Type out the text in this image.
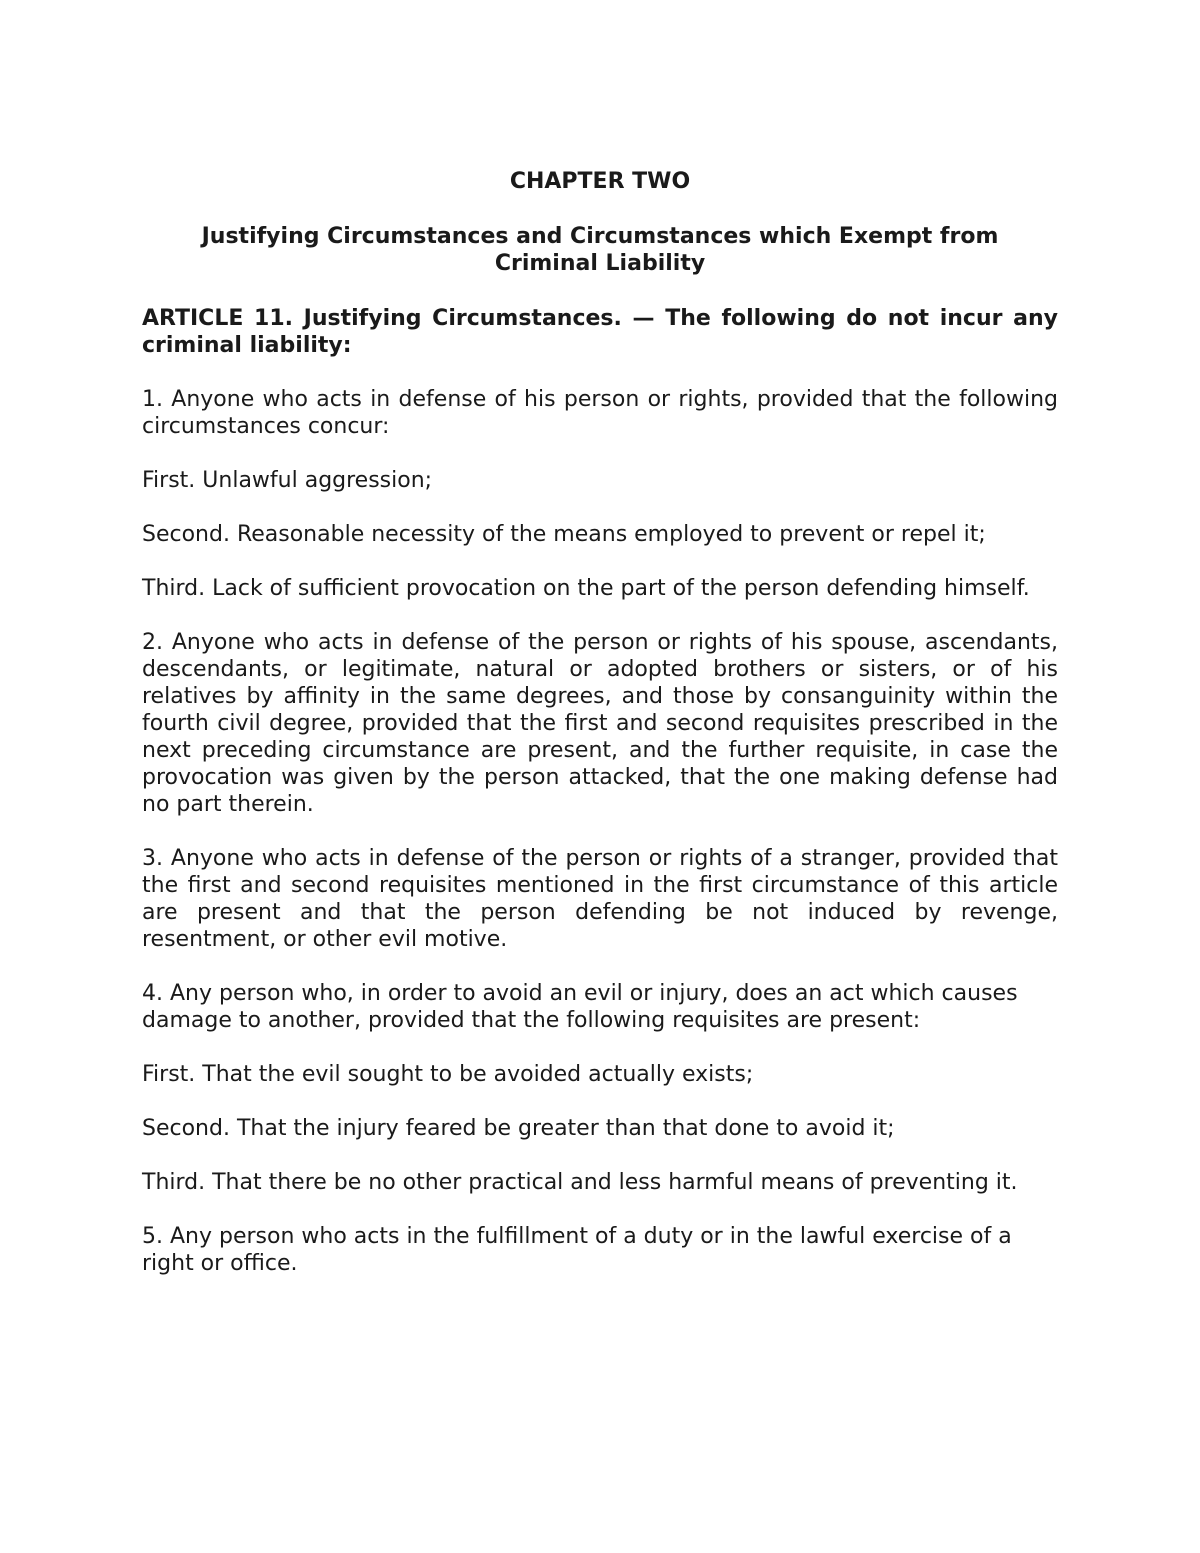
CHAPTER TWO

Justifying Circumstances and Circumstances which Exempt from Criminal Liability

ARTICLE 11. Justifying Circumstances. — The following do not incur any criminal liability:

1. Anyone who acts in defense of his person or rights, provided that the following circumstances concur:

First. Unlawful aggression;

Second. Reasonable necessity of the means employed to prevent or repel it;

Third. Lack of sufficient provocation on the part of the person defending himself.

2. Anyone who acts in defense of the person or rights of his spouse, ascendants, descendants, or legitimate, natural or adopted brothers or sisters, or of his relatives by affinity in the same degrees, and those by consanguinity within the fourth civil degree, provided that the first and second requisites prescribed in the next preceding circumstance are present, and the further requisite, in case the provocation was given by the person attacked, that the one making defense had no part therein.

3. Anyone who acts in defense of the person or rights of a stranger, provided that the first and second requisites mentioned in the first circumstance of this article are present and that the person defending be not induced by revenge, resentment, or other evil motive.

4. Any person who, in order to avoid an evil or injury, does an act which causes damage to another, provided that the following requisites are present:

First. That the evil sought to be avoided actually exists;

Second. That the injury feared be greater than that done to avoid it;

Third. That there be no other practical and less harmful means of preventing it.

5. Any person who acts in the fulfillment of a duty or in the lawful exercise of a right or office.
